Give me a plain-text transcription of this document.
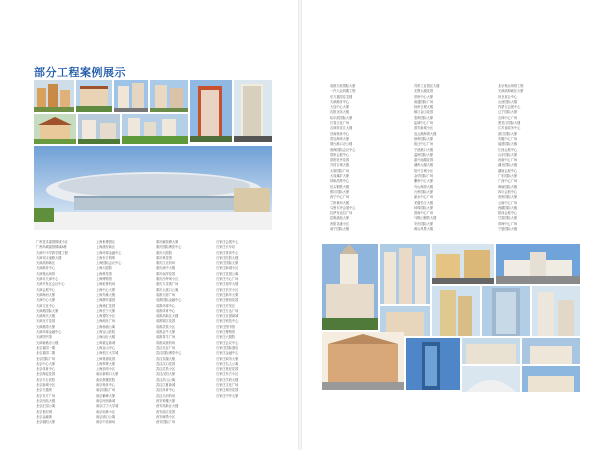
部分工程案例展示
广州技术嘉园锦城小区
广州尚城嘉园锦城A栋
天津中小学教学楼工程
天津市区南路大楼
天津滨海新区
天津港务中心
天津奥运场馆
天津市天津中心
天津开发区会议中心
天津会展中心
天津海河大厦
天津中心大厦
天津文化中心
天津港国际大厦
天津海关大楼
天津北方花园
天津港湾大厦
天津环球金融中心
天津图书馆
天津新港办公楼
北京嘉园一期
北京嘉园二期
北京国际广场
北京中心大厦
北京体育中心
北京海淀花园
北京丰台医院
北京新城小区
北京天通苑
北京东方广场
北京西站大楼
北京汇园公寓
北京世纪城
北京金融街
北京朝阳大厦
上海世博园区
上海浦东新区
上海环球金融中心
上海东方明珠
上海国际会议中心
上海大剧院
上海科技馆
上海博物馆
上海虹桥机场
上海中心大厦
上海外滩大楼
上海静安嘉园
上海徐汇花园
上海长宁大厦
上海普陀小区
上海闸北广场
上海杨浦公寓
上海宝山医院
上海闵行大楼
上海嘉定新城
上海金山中心
上海松江大学城
上海青浦花园
上海奉贤大厦
上海崇明小区
南京新街口大厦
南京鼓楼医院
南京奥体中心
南京国际广场
南京紫峰大厦
南京河西新城
南京江宁大学城
南京仙林小区
南京浦口公寓
南京中央商场
重庆解放碑大厦
重庆国际博览中心
重庆大剧院
重庆科技馆
重庆江北机场
重庆渝中大楼
重庆南岸花园
重庆沙坪坝小区
重庆九龙坡广场
重庆大渡口公寓
成都天府广场
成都国际金融中心
成都环球中心
成都体育中心
成都高新区大楼
成都锦江花园
成都武侯小区
成都金牛大厦
成都青羊广场
成都双流机场
武汉光谷广场
武汉国际博览中心
武汉东湖大楼
武汉汉口花园
武汉武昌小区
武汉汉阳大厦
武汉洪山公寓
武汉江夏新城
武汉体育中心
武汉天河机场
西安钟楼大厦
西安高新区大楼
西安曲江花园
西安雁塔小区
西安国际广场
石家庄会展中心
石家庄火车站
石家庄体育中心
石家庄医院大楼
石家庄国际大厦
石家庄新城小区
石家庄花园公寓
石家庄中心广场
石家庄裕华大楼
石家庄长安小区
石家庄新华大厦
石家庄桥西花园
石家庄开发区
石家庄万达广场
石家庄北国商城
石家庄科技中心
石家庄图书馆
石家庄博物馆
石家庄大剧院
石家庄会议中心
石家庄国际酒店
石家庄金融中心
石家庄商务大厦
石家庄名人公寓
石家庄世纪花园
石家庄东方小区
石家庄学府大楼
石家庄文化广场
石家庄城市花园
石家庄中华大厦
成都天府国际大厦
一汽大众四期工程
东方嘉园住宅楼
天津港务中心
大连中心大厦
沈阳北站大楼
哈尔滨国际大厦
长春文化广场
吉林松花江大楼
济南奥体中心
青岛海湾大厦
烟台港口办公楼
威海国际会议中心
郑州会展中心
洛阳牡丹花园
开封古城大楼
太原国际广场
大同煤矿大厦
呼和浩特中心
包头钢铁大楼
银川国际大厦
西宁中心广场
兰州黄河大楼
乌鲁木齐会展中心
拉萨布达拉广场
昆明滇池大厦
贵阳花溪小区
南宁国际大楼
苏州工业园区大楼
无锡太湖花园
常州中心大厦
南通国际广场
扬州古城大楼
镇江金山花园
泰州国际大厦
盐城中心广场
淮安新城小区
连云港海湾大楼
徐州国际大厦
宿迁中心广场
宁波港口大楼
温州国际大厦
嘉兴南湖花园
湖州太湖大楼
绍兴古城小区
金华国际广场
衢州中心大厦
舟山海湾大楼
台州国际大厦
丽水中心广场
芜湖长江大楼
蚌埠国际大厦
淮南中心广场
马鞍山钢铁大楼
安庆国际大厦
黄山风景大楼
北京奥运场馆工程
天津滨海新区大厦
河北省会中心
山西国际大楼
内蒙古会展中心
辽宁国际大厦
吉林中心广场
黑龙江国际大楼
江苏省政务中心
浙江国际大厦
安徽中心广场
福建国际大楼
江西会展中心
山东国际大厦
河南中心广场
湖北国际大楼
湖南会展中心
广东国际大厦
广西中心广场
海南国际大楼
四川会展中心
贵州国际大厦
云南中心广场
西藏国际大楼
陕西会展中心
甘肃国际大厦
青海中心广场
宁夏国际大楼
